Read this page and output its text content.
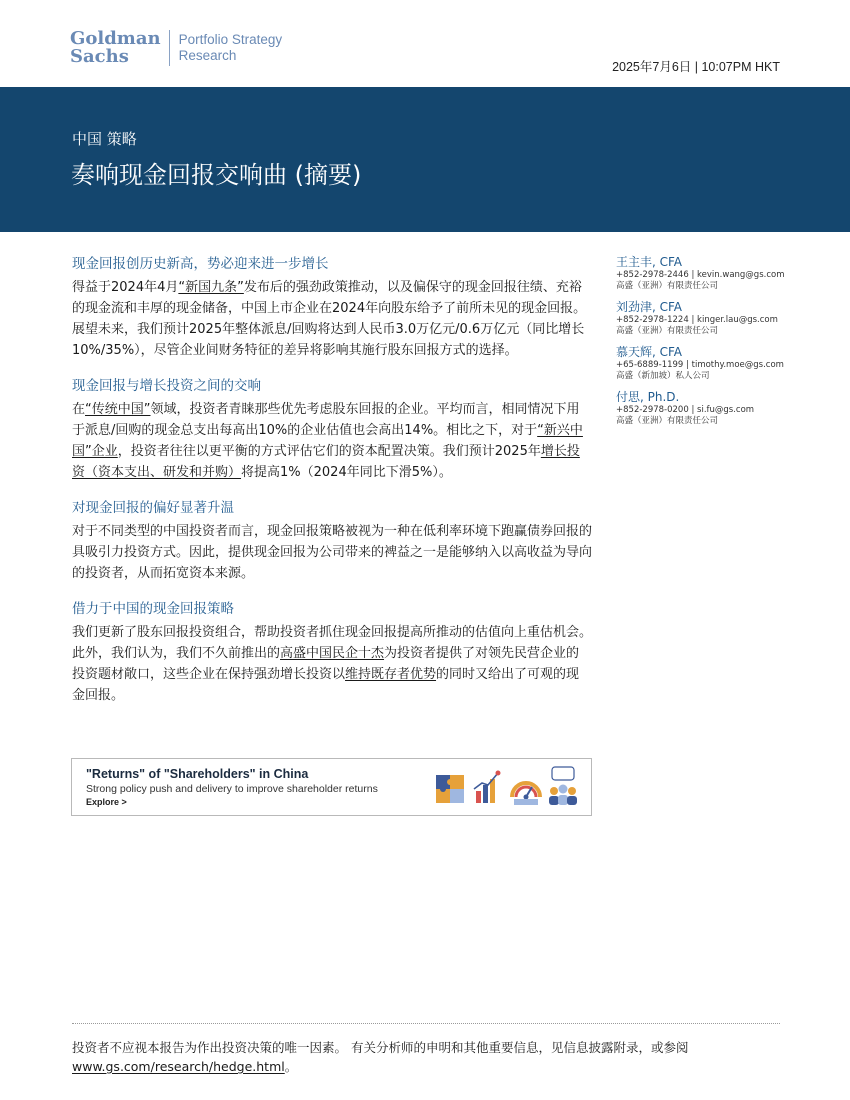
Goldman
Sachs
Portfolio Strategy
Research
2025年7月6日 | 10:07PM HKT
中国 策略
奏响现金回报交响曲 (摘要)
现金回报创历史新高，势必迎来进一步增长

得益于2024年4月“新国九条”发布后的强劲政策推动，以及偏保守的现金回报往绩、充裕的现金流和丰厚的现金储备，中国上市企业在2024年向股东给予了前所未见的现金回报。展望未来，我们预计2025年整体派息/回购将达到人民币3.0万亿元/0.6万亿元（同比增长10%/35%），尽管企业间财务特征的差异将影响其施行股东回报方式的选择。

现金回报与增长投资之间的交响

在“传统中国”领域，投资者青睐那些优先考虑股东回报的企业。平均而言，相同情况下用于派息/回购的现金总支出每高出10%的企业估值也会高出14%。相比之下，对于“新兴中国”企业，投资者往往以更平衡的方式评估它们的资本配置决策。我们预计2025年增长投资（资本支出、研发和并购）将提高1%（2024年同比下滑5%）。

对现金回报的偏好显著升温

对于不同类型的中国投资者而言，现金回报策略被视为一种在低利率环境下跑赢债券回报的具吸引力投资方式。因此，提供现金回报为公司带来的裨益之一是能够纳入以高收益为导向的投资者，从而拓宽资本来源。

借力于中国的现金回报策略

我们更新了股东回报投资组合，帮助投资者抓住现金回报提高所推动的估值向上重估机会。此外，我们认为，我们不久前推出的高盛中国民企十杰为投资者提供了对领先民营企业的投资题材敞口，这些企业在保持强劲增长投资以维持既存者优势的同时又给出了可观的现金回报。

王主丰, CFA
+852-2978-2446 | kevin.wang@gs.com
高盛（亚洲）有限责任公司
刘劲津, CFA
+852-2978-1224 | kinger.lau@gs.com
高盛（亚洲）有限责任公司
慕天辉, CFA
+65-6889-1199 | timothy.moe@gs.com
高盛（新加坡）私人公司
付思, Ph.D.
+852-2978-0200 | si.fu@gs.com
高盛（亚洲）有限责任公司
"Returns" of "Shareholders" in China
Strong policy push and delivery to improve shareholder returns
Explore >
投资者不应视本报告为作出投资决策的唯一因素。 有关分析师的申明和其他重要信息，见信息披露附录，或参阅
www.gs.com/research/hedge.html。
